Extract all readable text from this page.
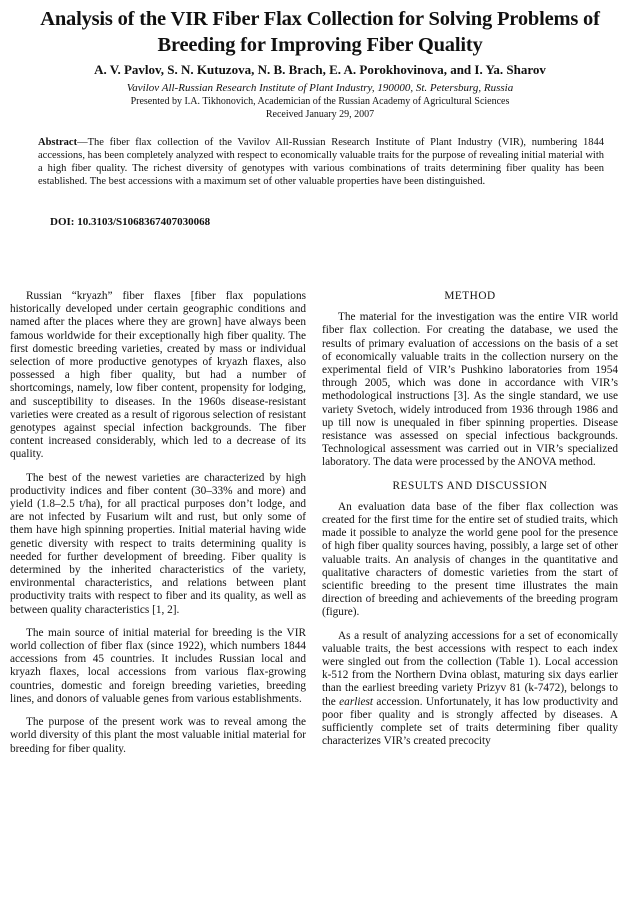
Analysis of the VIR Fiber Flax Collection for Solving Problems of Breeding for Improving Fiber Quality
A. V. Pavlov, S. N. Kutuzova, N. B. Brach, E. A. Porokhovinova, and I. Ya. Sharov
Vavilov All-Russian Research Institute of Plant Industry, 190000, St. Petersburg, Russia
Presented by I.A. Tikhonovich, Academician of the Russian Academy of Agricultural Sciences
Received January 29, 2007
Abstract—The fiber flax collection of the Vavilov All-Russian Research Institute of Plant Industry (VIR), numbering 1844 accessions, has been completely analyzed with respect to economically valuable traits for the purpose of revealing initial material with a high fiber quality. The richest diversity of genotypes with various combinations of traits determining fiber quality has been established. The best accessions with a maximum set of other valuable properties have been distinguished.
DOI: 10.3103/S1068367407030068

Russian “kryazh” fiber flaxes [fiber flax populations historically developed under certain geographic conditions and named after the places where they are grown] have always been famous worldwide for their exceptionally high fiber quality. The first domestic breeding varieties, created by mass or individual selection of more productive genotypes of kryazh flaxes, also possessed a high fiber quality, but had a number of shortcomings, namely, low fiber content, propensity for lodging, and susceptibility to diseases. In the 1960s disease-resistant varieties were created as a result of rigorous selection of resistant genotypes against special infection backgrounds. The fiber content increased considerably, which led to a decrease of its quality.

The best of the newest varieties are characterized by high productivity indices and fiber content (30–33% and more) and yield (1.8–2.5 t/ha), for all practical purposes don’t lodge, and are not infected by Fusarium wilt and rust, but only some of them have high spinning properties. Initial material having wide genetic diversity with respect to traits determining quality is needed for further development of breeding. Fiber quality is determined by the inherited characteristics of the variety, environmental characteristics, and relations between plant productivity traits with respect to fiber and its quality, as well as between quality characteristics [1, 2].

The main source of initial material for breeding is the VIR world collection of fiber flax (since 1922), which numbers 1844 accessions from 45 countries. It includes Russian local and kryazh flaxes, local accessions from various flax-growing countries, domestic and foreign breeding varieties, breeding lines, and donors of valuable genes from various establishments.

The purpose of the present work was to reveal among the world diversity of this plant the most valuable initial material for breeding for fiber quality.

METHOD

The material for the investigation was the entire VIR world fiber flax collection. For creating the database, we used the results of primary evaluation of accessions on the basis of a set of economically valuable traits in the collection nursery on the experimental field of VIR’s Pushkino laboratories from 1954 through 2005, which was done in accordance with VIR’s methodological instructions [3]. As the single standard, we use variety Svetoch, widely introduced from 1936 through 1986 and up till now is unequaled in fiber spinning properties. Disease resistance was assessed on special infectious backgrounds. Technological assessment was carried out in VIR’s specialized laboratory. The data were processed by the ANOVA method.

RESULTS AND DISCUSSION

An evaluation data base of the fiber flax collection was created for the first time for the entire set of studied traits, which made it possible to analyze the world gene pool for the presence of high fiber quality sources having, possibly, a large set of other valuable traits. An analysis of changes in the quantitative and qualitative characters of domestic varieties from the start of scientific breeding to the present time illustrates the main direction of breeding and achievements of the breeding program (figure).

As a result of analyzing accessions for a set of economically valuable traits, the best accessions with respect to each index were singled out from the collection (Table 1). Local accession k-512 from the Northern Dvina oblast, maturing six days earlier than the earliest breeding variety Prizyv 81 (k-7472), belongs to the earliest accession. Unfortunately, it has low productivity and poor fiber quality and is strongly affected by diseases. A sufficiently complete set of traits determining fiber quality characterizes VIR’s created precocity
